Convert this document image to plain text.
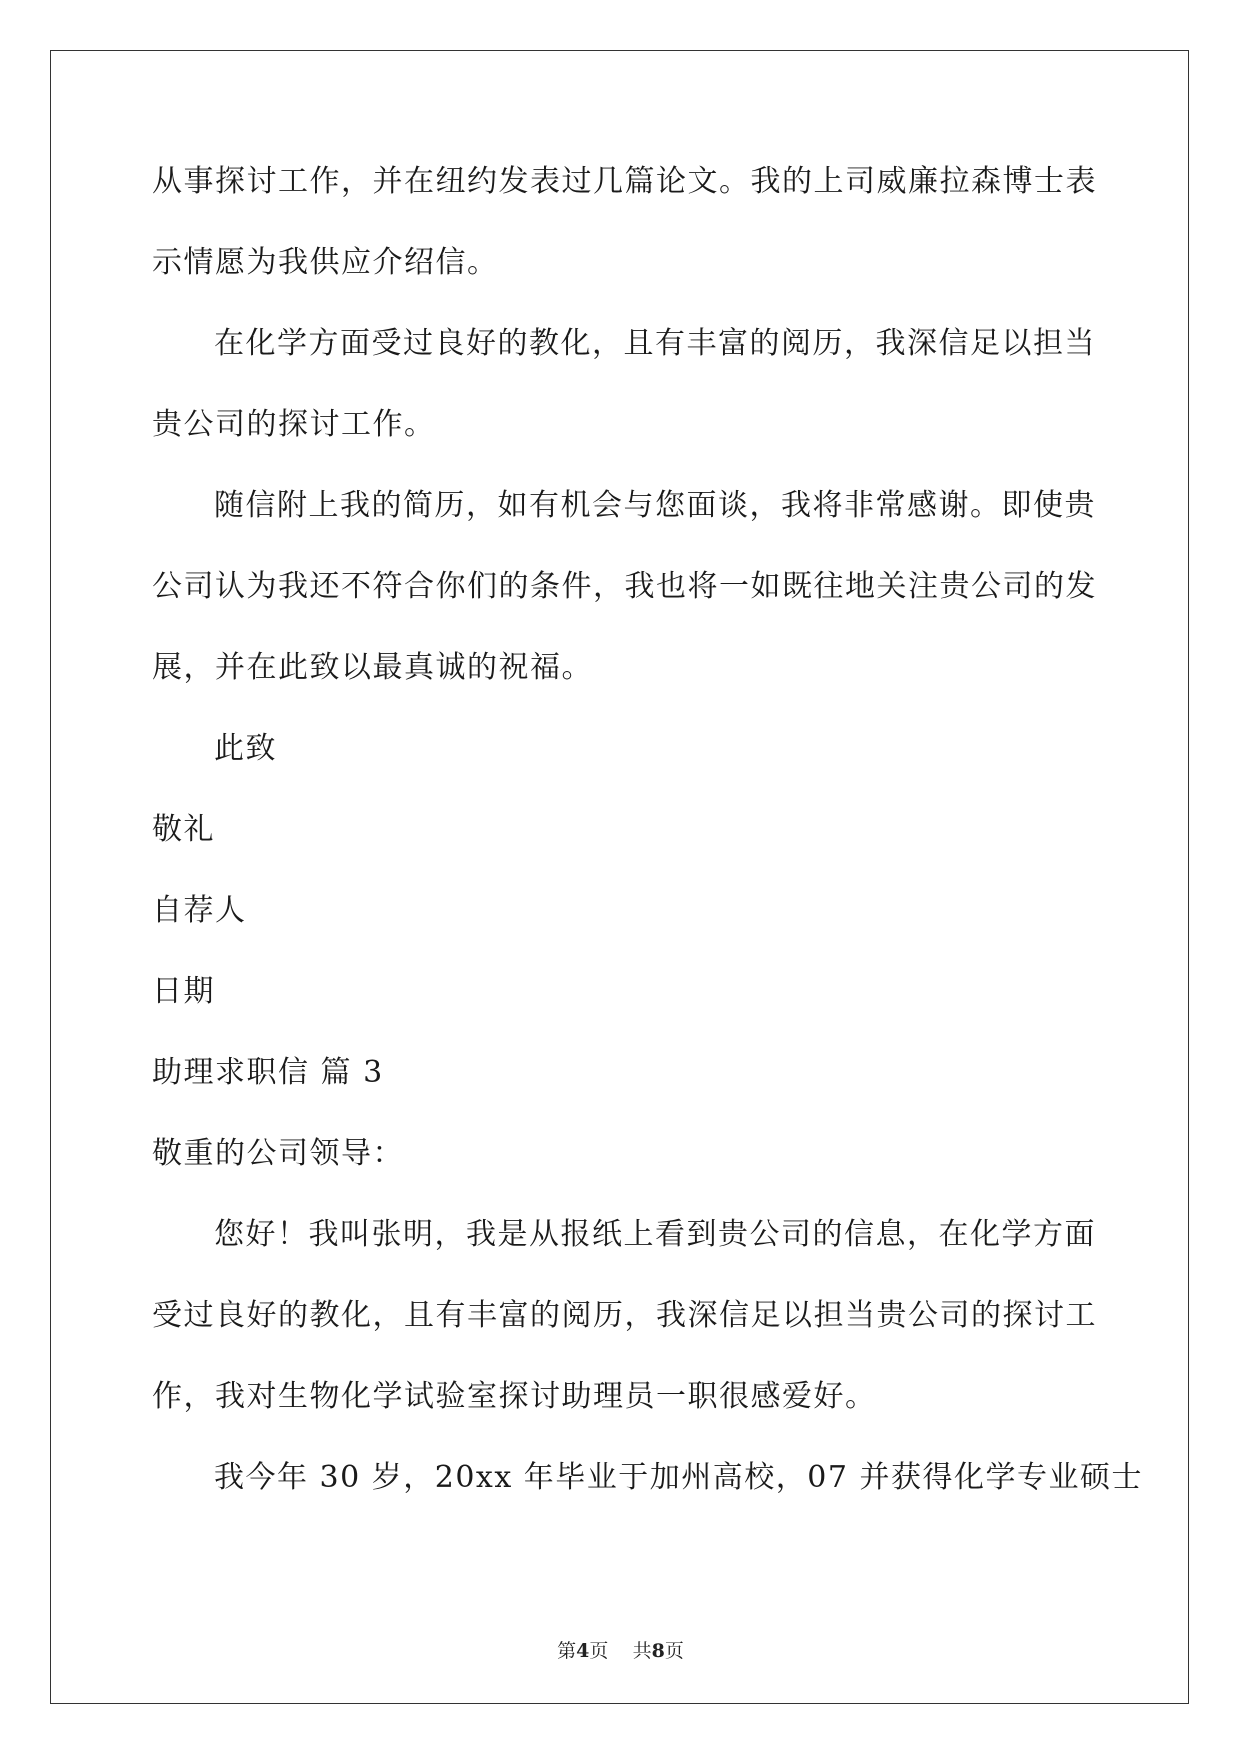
从事探讨工作，并在纽约发表过几篇论文。我的上司威廉拉森博士表

示情愿为我供应介绍信。

在化学方面受过良好的教化，且有丰富的阅历，我深信足以担当

贵公司的探讨工作。

随信附上我的简历，如有机会与您面谈，我将非常感谢。即使贵

公司认为我还不符合你们的条件，我也将一如既往地关注贵公司的发

展，并在此致以最真诚的祝福。

此致

敬礼

自荐人

日期

助理求职信 篇 3

敬重的公司领导：

您好！我叫张明，我是从报纸上看到贵公司的信息，在化学方面

受过良好的教化，且有丰富的阅历，我深信足以担当贵公司的探讨工

作，我对生物化学试验室探讨助理员一职很感爱好。

我今年 30 岁，20xx 年毕业于加州高校，07 并获得化学专业硕士

第4页    共8页
